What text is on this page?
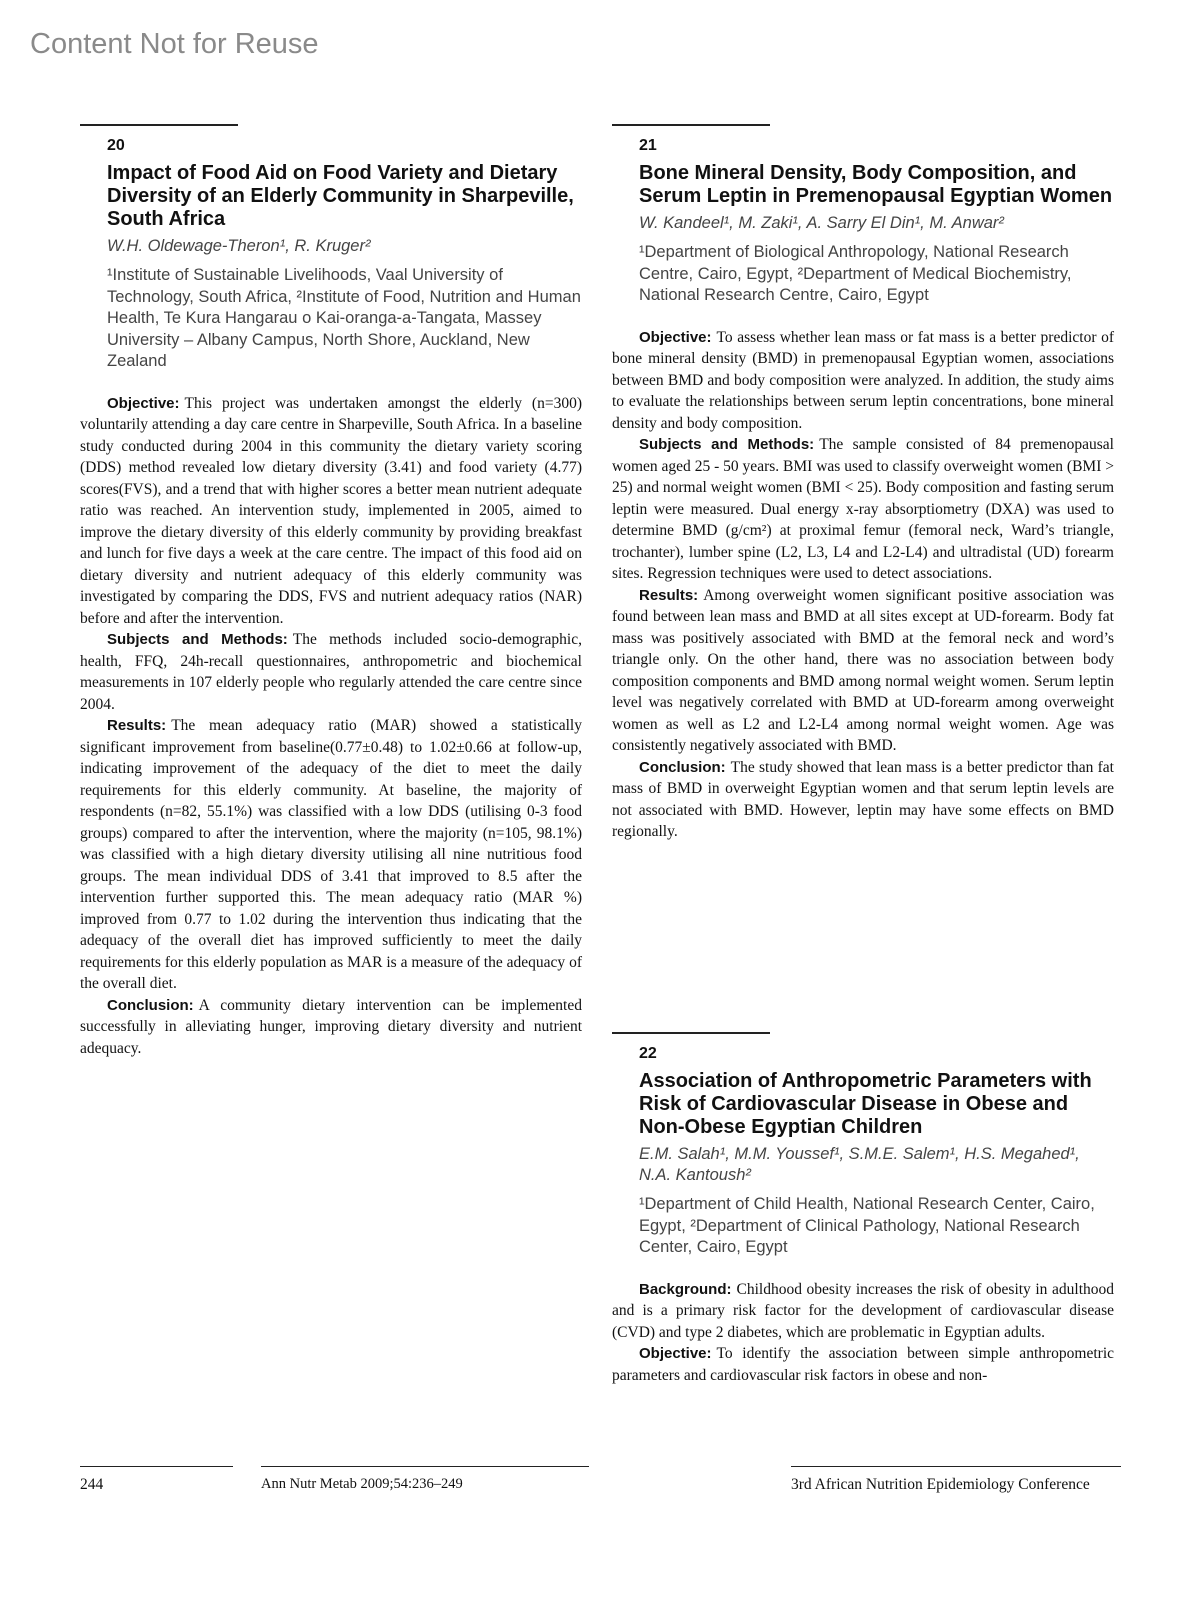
Content Not for Reuse
20
Impact of Food Aid on Food Variety and Dietary Diversity of an Elderly Community in Sharpeville, South Africa
W.H. Oldewage-Theron¹, R. Kruger²
¹Institute of Sustainable Livelihoods, Vaal University of Technology, South Africa, ²Institute of Food, Nutrition and Human Health, Te Kura Hangarau o Kai-oranga-a-Tangata, Massey University – Albany Campus, North Shore, Auckland, New Zealand

Objective: This project was undertaken amongst the elderly (n=300) voluntarily attending a day care centre in Sharpeville, South Africa. In a baseline study conducted during 2004 in this community the dietary variety scoring (DDS) method revealed low dietary diversity (3.41) and food variety (4.77) scores(FVS), and a trend that with higher scores a better mean nutrient adequate ratio was reached. An intervention study, implemented in 2005, aimed to improve the dietary diversity of this elderly community by providing breakfast and lunch for five days a week at the care centre. The impact of this food aid on dietary diversity and nutrient adequacy of this elderly community was investigated by comparing the DDS, FVS and nutrient adequacy ratios (NAR) before and after the intervention.

Subjects and Methods: The methods included socio-demographic, health, FFQ, 24h-recall questionnaires, anthropometric and biochemical measurements in 107 elderly people who regularly attended the care centre since 2004.

Results: The mean adequacy ratio (MAR) showed a statistically significant improvement from baseline(0.77±0.48) to 1.02±0.66 at follow-up, indicating improvement of the adequacy of the diet to meet the daily requirements for this elderly community. At baseline, the majority of respondents (n=82, 55.1%) was classified with a low DDS (utilising 0-3 food groups) compared to after the intervention, where the majority (n=105, 98.1%) was classified with a high dietary diversity utilising all nine nutritious food groups. The mean individual DDS of 3.41 that improved to 8.5 after the intervention further supported this. The mean adequacy ratio (MAR %) improved from 0.77 to 1.02 during the intervention thus indicating that the adequacy of the overall diet has improved sufficiently to meet the daily requirements for this elderly population as MAR is a measure of the adequacy of the overall diet.

Conclusion: A community dietary intervention can be implemented successfully in alleviating hunger, improving dietary diversity and nutrient adequacy.

21
Bone Mineral Density, Body Composition, and Serum Leptin in Premenopausal Egyptian Women
W. Kandeel¹, M. Zaki¹, A. Sarry El Din¹, M. Anwar²
¹Department of Biological Anthropology, National Research Centre, Cairo, Egypt, ²Department of Medical Biochemistry, National Research Centre, Cairo, Egypt

Objective: To assess whether lean mass or fat mass is a better predictor of bone mineral density (BMD) in premenopausal Egyptian women, associations between BMD and body composition were analyzed. In addition, the study aims to evaluate the relationships between serum leptin concentrations, bone mineral density and body composition.

Subjects and Methods: The sample consisted of 84 premenopausal women aged 25 - 50 years. BMI was used to classify overweight women (BMI > 25) and normal weight women (BMI < 25). Body composition and fasting serum leptin were measured. Dual energy x-ray absorptiometry (DXA) was used to determine BMD (g/cm²) at proximal femur (femoral neck, Ward’s triangle, trochanter), lumber spine (L2, L3, L4 and L2-L4) and ultradistal (UD) forearm sites. Regression techniques were used to detect associations.

Results: Among overweight women significant positive association was found between lean mass and BMD at all sites except at UD-forearm. Body fat mass was positively associated with BMD at the femoral neck and word’s triangle only. On the other hand, there was no association between body composition components and BMD among normal weight women. Serum leptin level was negatively correlated with BMD at UD-forearm among overweight women as well as L2 and L2-L4 among normal weight women. Age was consistently negatively associated with BMD.

Conclusion: The study showed that lean mass is a better predictor than fat mass of BMD in overweight Egyptian women and that serum leptin levels are not associated with BMD. However, leptin may have some effects on BMD regionally.

22
Association of Anthropometric Parameters with Risk of Cardiovascular Disease in Obese and Non-Obese Egyptian Children
E.M. Salah¹, M.M. Youssef¹, S.M.E. Salem¹, H.S. Megahed¹, N.A. Kantoush²
¹Department of Child Health, National Research Center, Cairo, Egypt, ²Department of Clinical Pathology, National Research Center, Cairo, Egypt

Background: Childhood obesity increases the risk of obesity in adulthood and is a primary risk factor for the development of cardiovascular disease (CVD) and type 2 diabetes, which are problematic in Egyptian adults.

Objective: To identify the association between simple anthropometric parameters and cardiovascular risk factors in obese and non-

244	Ann Nutr Metab 2009;54:236–249	3rd African Nutrition Epidemiology Conference
